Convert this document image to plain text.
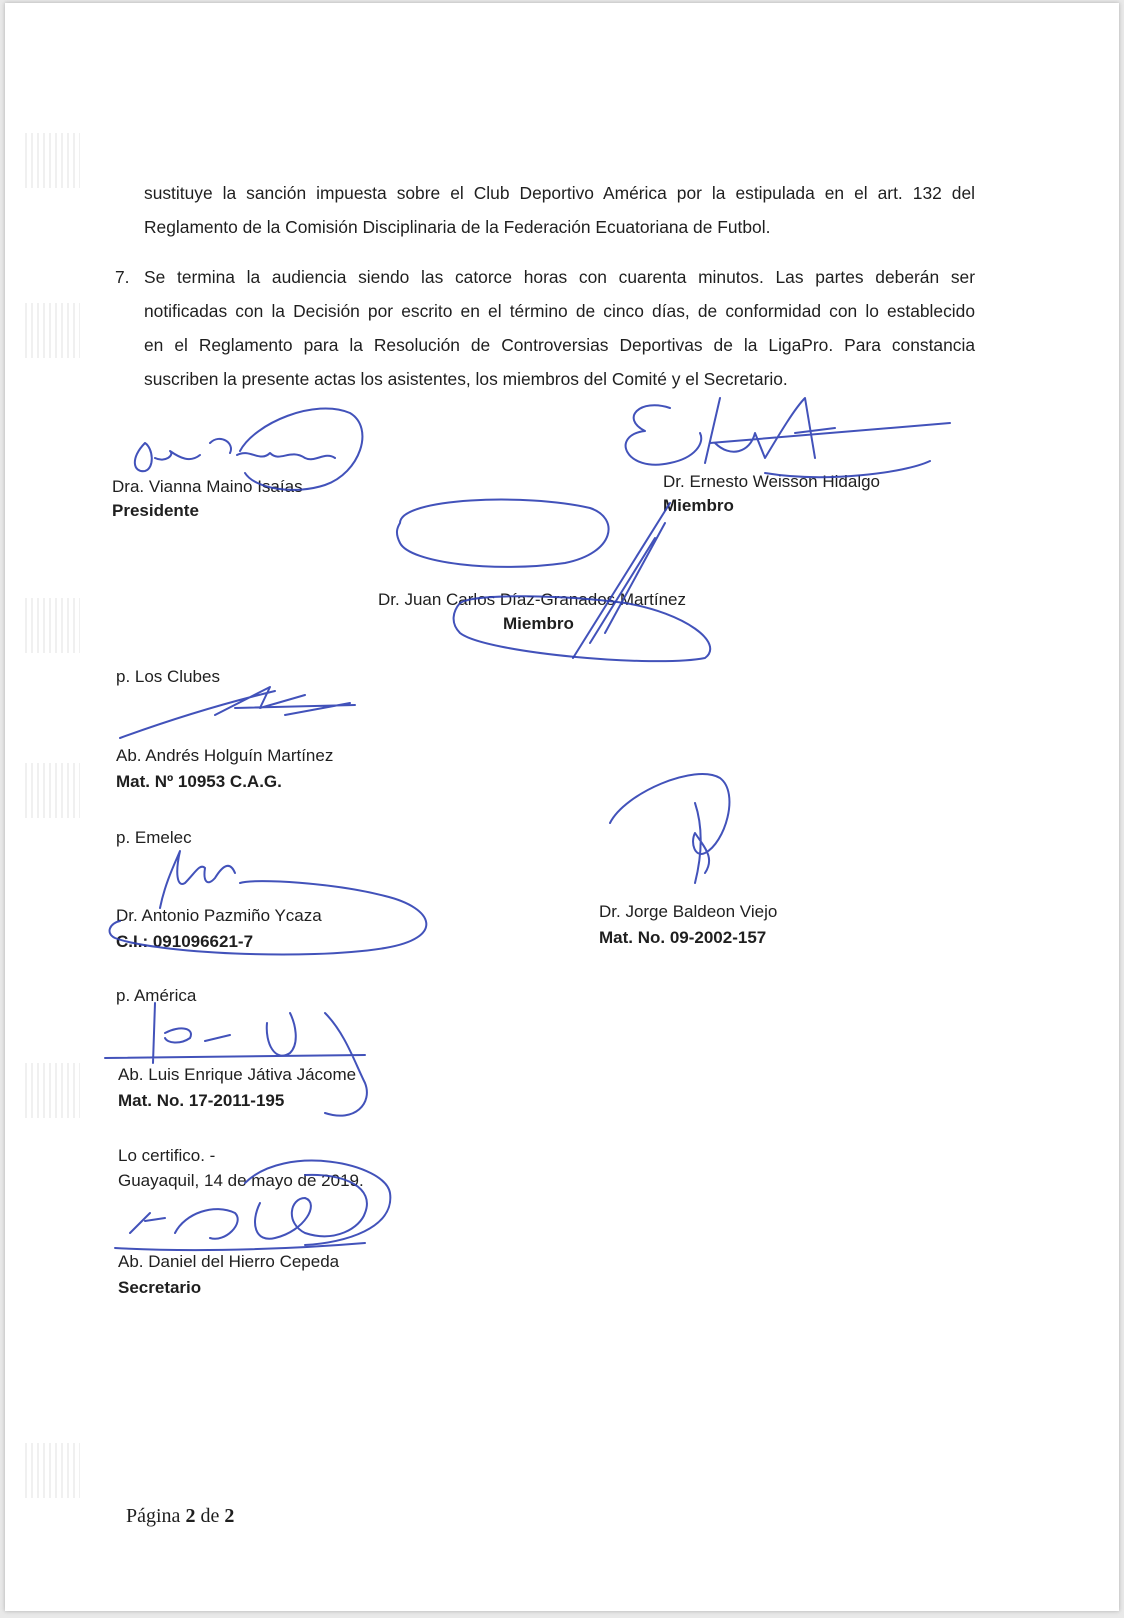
sustituye la sanción impuesta sobre el Club Deportivo América por la estipulada en el art. 132 del
Reglamento de la Comisión Disciplinaria de la Federación Ecuatoriana de Futbol.
7. Se termina la audiencia siendo las catorce horas con cuarenta minutos. Las partes deberán ser
notificadas con la Decisión por escrito en el término de cinco días, de conformidad con lo establecido
en el Reglamento para la Resolución de Controversias Deportivas de la LigaPro. Para constancia
suscriben la presente actas los asistentes, los miembros del Comité y el Secretario.
Dra. Vianna Maino Isaías
Presidente
Dr. Ernesto Weisson Hidalgo
Miembro
Dr. Juan Carlos Díaz-Granados Martínez
Miembro
p. Los Clubes
Ab. Andrés Holguín Martínez
Mat. Nº 10953 C.A.G.
p. Emelec
Dr. Antonio Pazmiño Ycaza
C.I.: 091096621-7
Dr. Jorge Baldeon Viejo
Mat. No. 09-2002-157
p. América
Ab. Luis Enrique Játiva Jácome
Mat. No. 17-2011-195
Lo certifico. -
Guayaquil, 14 de mayo de 2019.
Ab. Daniel del Hierro Cepeda
Secretario
Página 2 de 2
